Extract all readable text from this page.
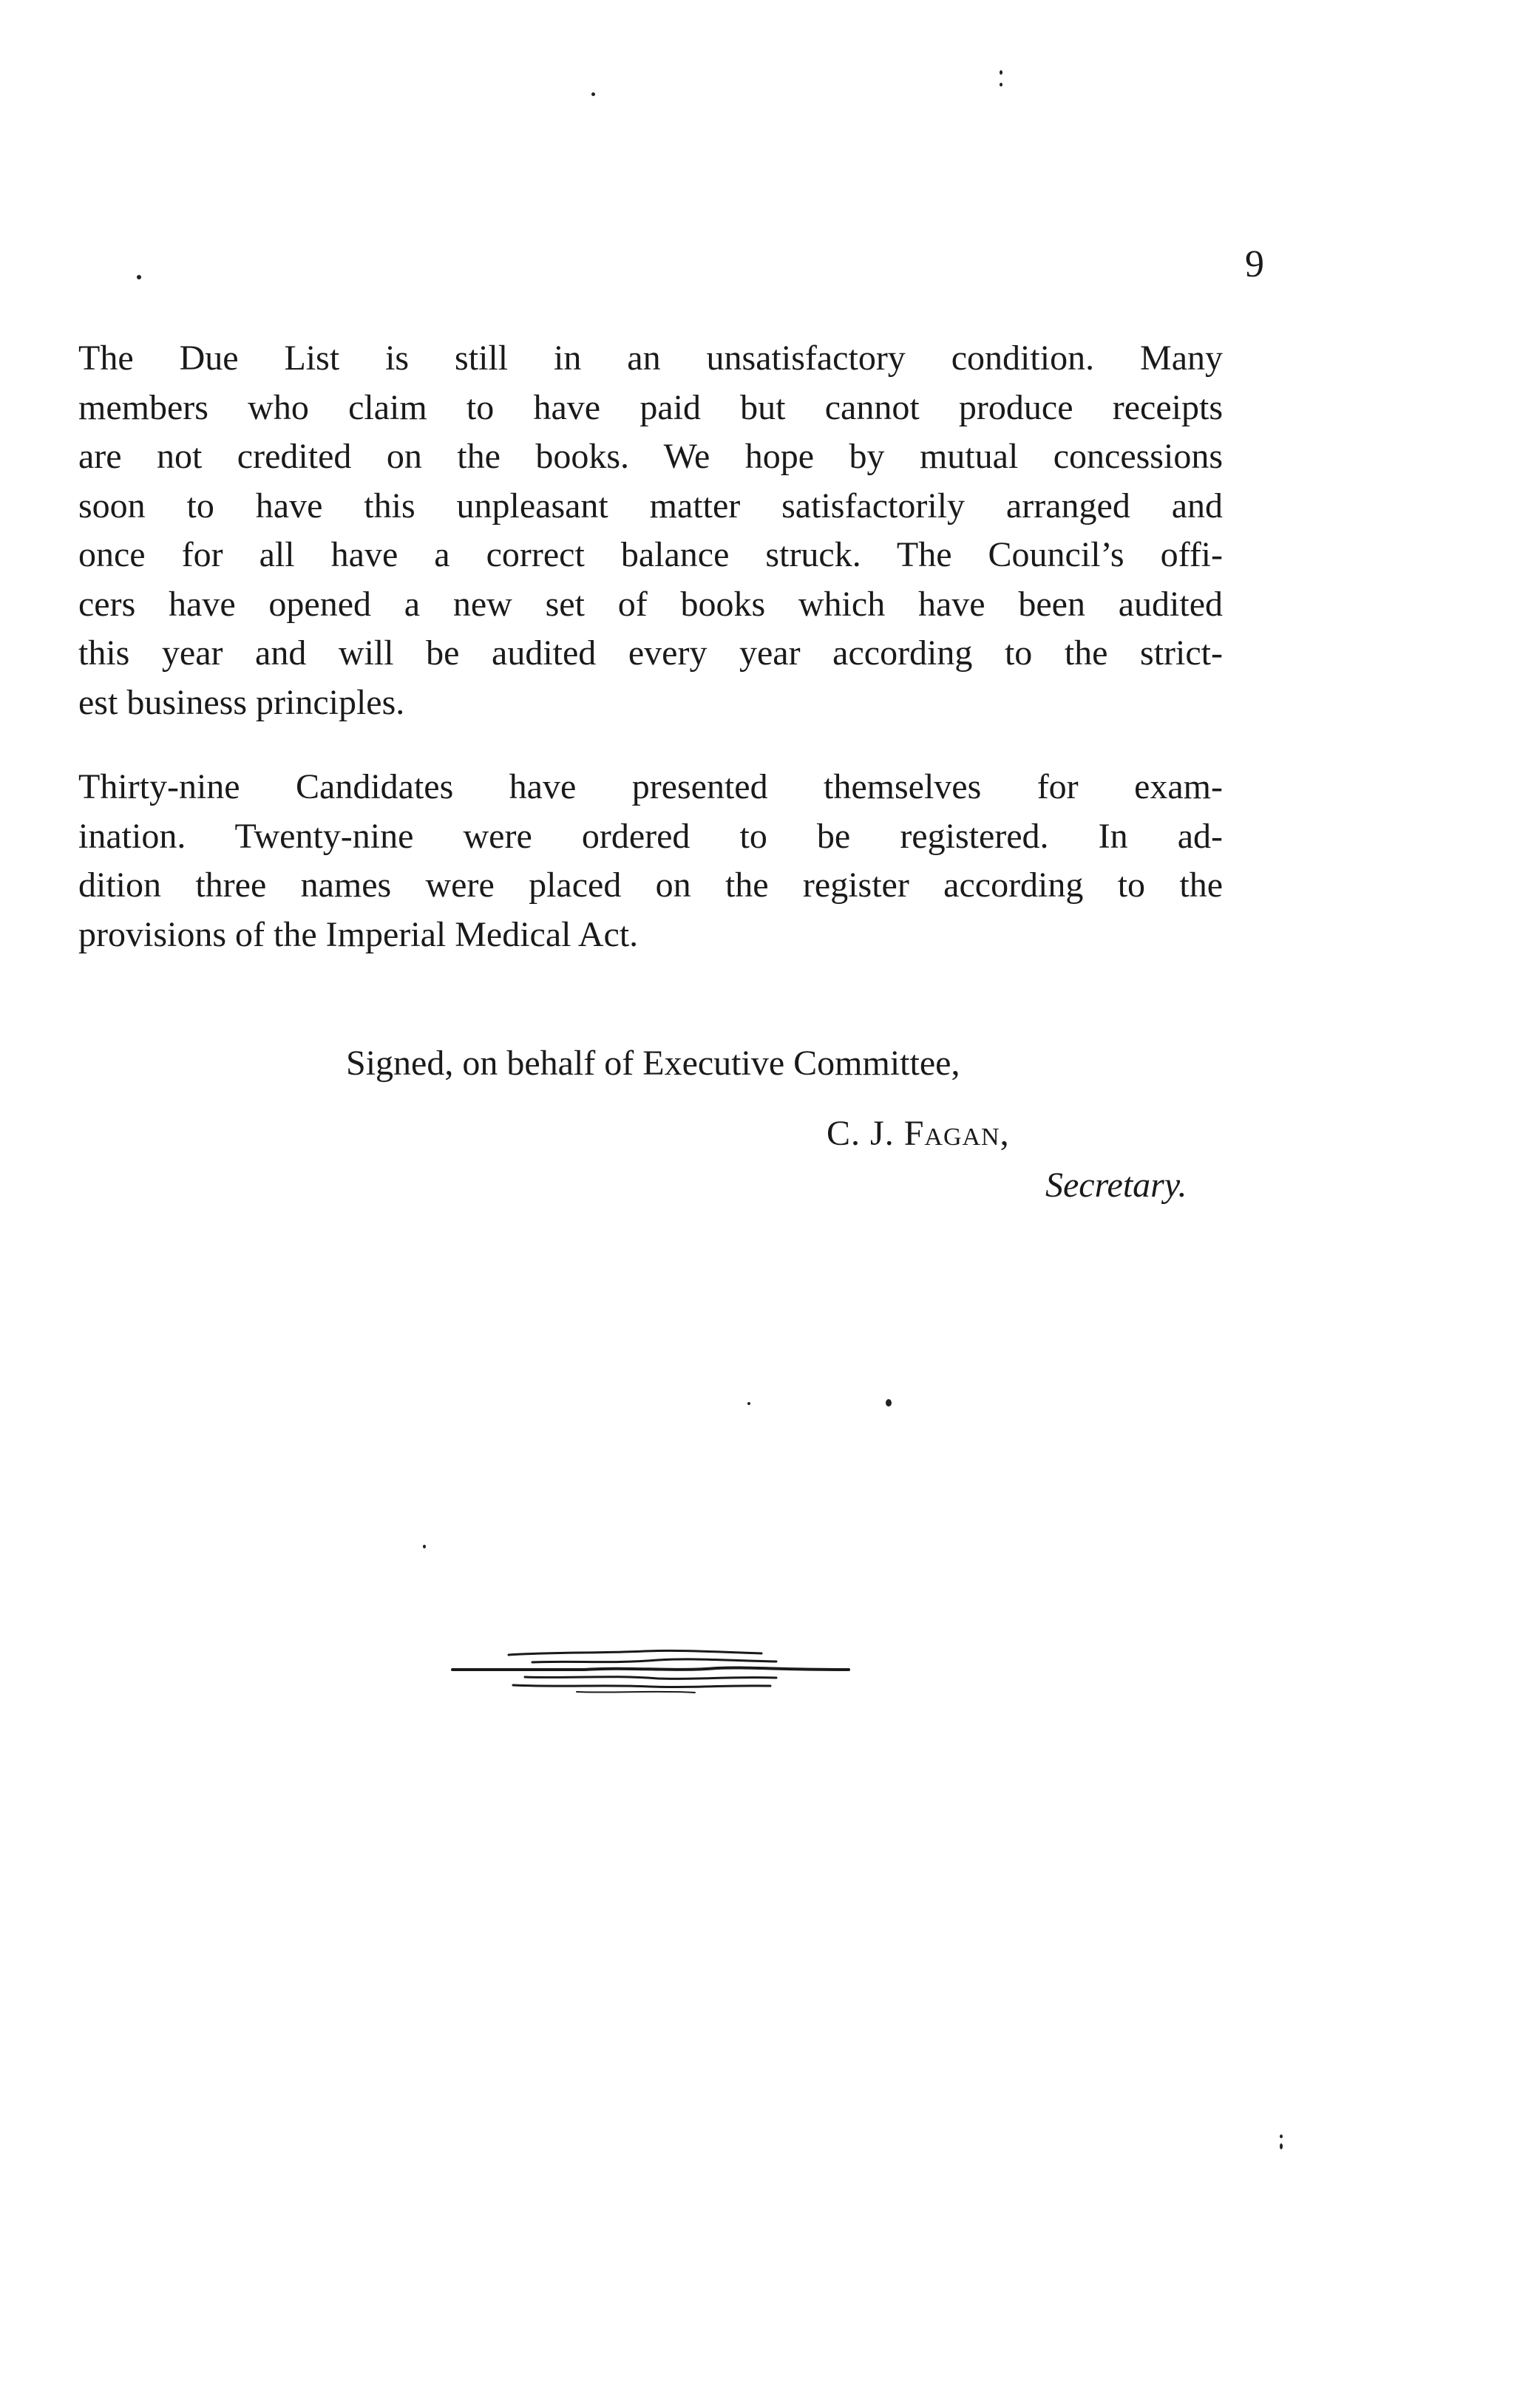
9

The Due List is still in an unsatisfactory condition. Many
members who claim to have paid but cannot produce receipts
are not credited on the books. We hope by mutual concessions
soon to have this unpleasant matter satisfactorily arranged and
once for all have a correct balance struck. The Council’s offi-
cers have opened a new set of books which have been audited
this year and will be audited every year according to the strict-
est business principles.

Thirty-nine Candidates have presented themselves for exam-
ination. Twenty-nine were ordered to be registered. In ad-
dition three names were placed on the register according to the
provisions of the Imperial Medical Act.

Signed, on behalf of Executive Committee,
C. J. Fagan,
Secretary.
